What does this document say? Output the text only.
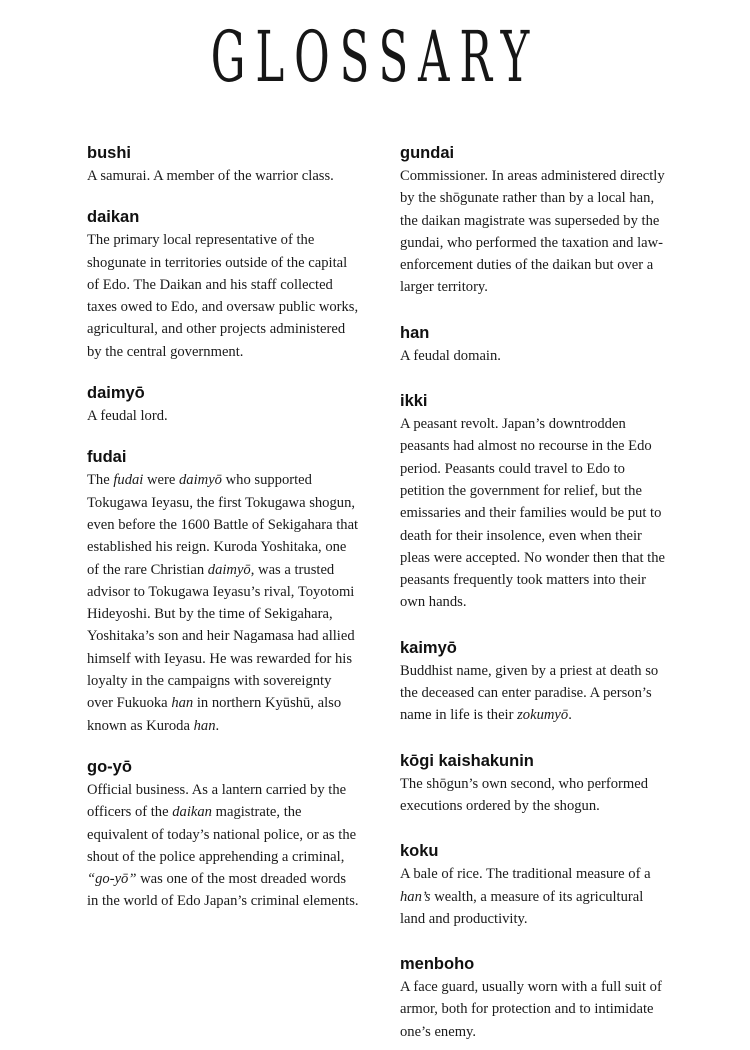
GLOSSARY

bushi

A samurai. A member of the warrior class.

daikan

The primary local representative of the shogunate in territories outside of the capital of Edo. The Daikan and his staff collected taxes owed to Edo, and oversaw public works, agricultural, and other projects administered by the central government.

daimyō

A feudal lord.

fudai

The fudai were daimyō who supported Tokugawa Ieyasu, the first Tokugawa shogun, even before the 1600 Battle of Sekigahara that established his reign. Kuroda Yoshitaka, one of the rare Christian daimyō, was a trusted advisor to Tokugawa Ieyasu’s rival, Toyotomi Hideyoshi. But by the time of Sekigahara, Yoshitaka’s son and heir Nagamasa had allied himself with Ieyasu. He was rewarded for his loyalty in the campaigns with sovereignty over Fukuoka han in northern Kyūshū, also known as Kuroda han.

go-yō

Official business. As a lantern carried by the officers of the daikan magistrate, the equivalent of today’s national police, or as the shout of the police apprehending a criminal, “go-yō” was one of the most dreaded words in the world of Edo Japan’s criminal elements.

gundai

Commissioner. In areas administered directly by the shōgunate rather than by a local han, the daikan magistrate was superseded by the gundai, who performed the taxation and law-enforcement duties of the daikan but over a larger territory.

han

A feudal domain.

ikki

A peasant revolt. Japan’s downtrodden peasants had almost no recourse in the Edo period. Peasants could travel to Edo to petition the government for relief, but the emissaries and their families would be put to death for their insolence, even when their pleas were accepted. No wonder then that the peasants frequently took matters into their own hands.

kaimyō

Buddhist name, given by a priest at death so the deceased can enter paradise. A person’s name in life is their zokumyō.

kōgi kaishakunin

The shōgun’s own second, who performed executions ordered by the shogun.

koku

A bale of rice. The traditional measure of a han’s wealth, a measure of its agricultural land and productivity.

menboho

A face guard, usually worn with a full suit of armor, both for protection and to intimidate one’s enemy.
